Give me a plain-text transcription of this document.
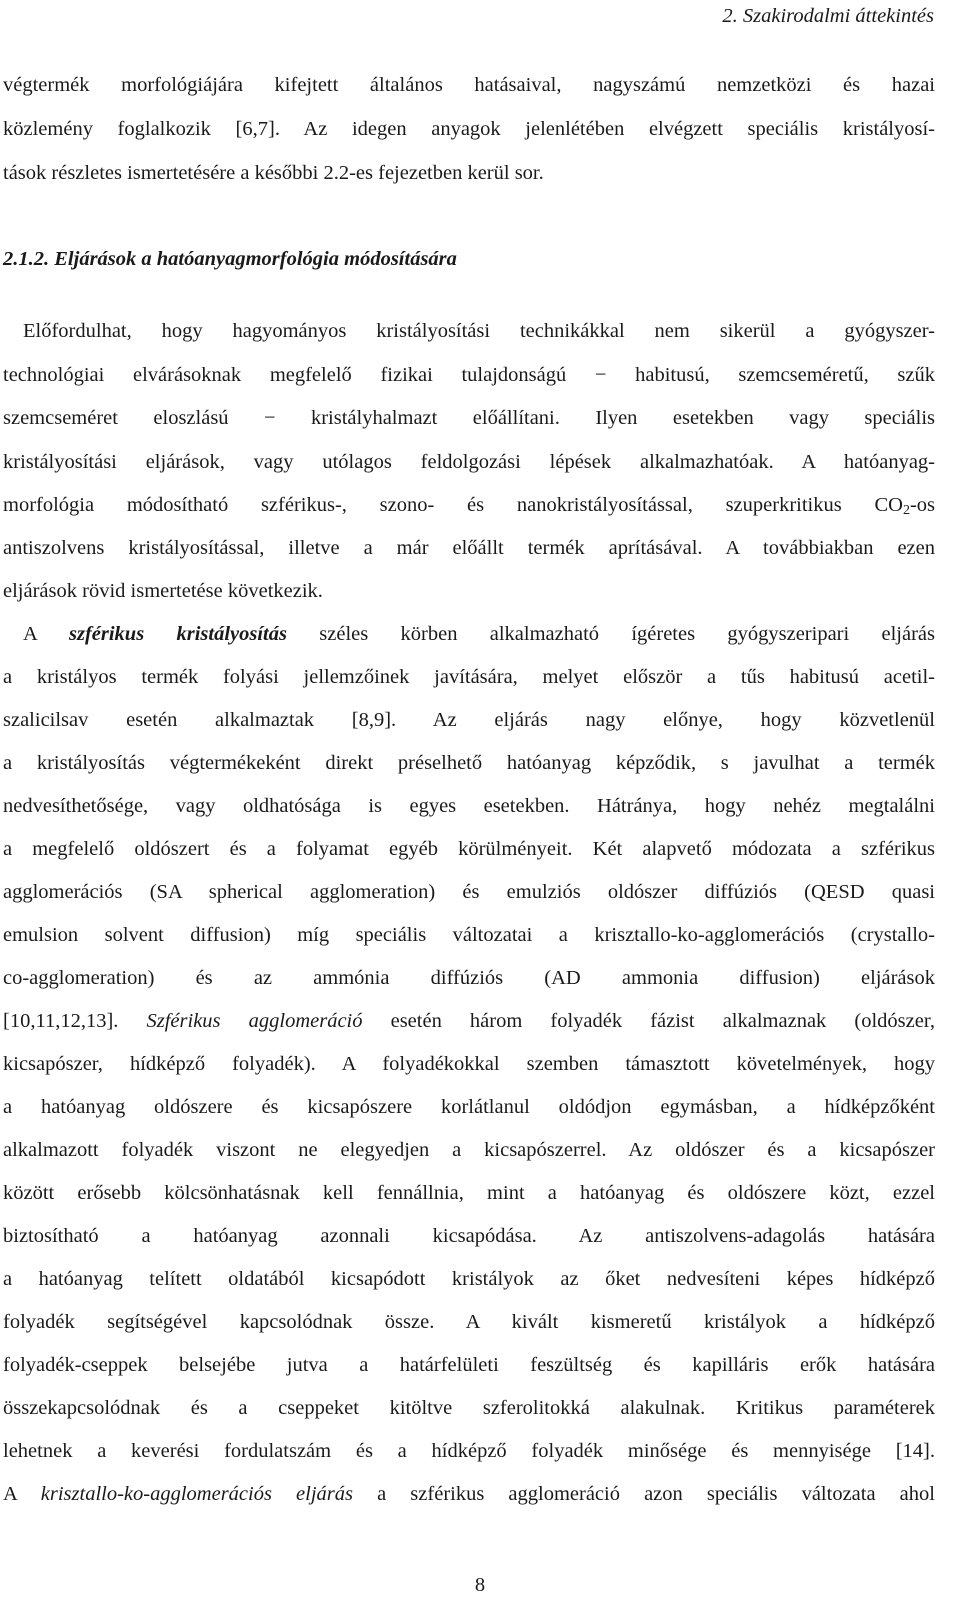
2. Szakirodalmi áttekintés
végtermék morfológiájára kifejtett általános hatásaival, nagyszámú nemzetközi és hazai
közlemény foglalkozik [6,7]. Az idegen anyagok jelenlétében elvégzett speciális kristályosí-
tások részletes ismertetésére a későbbi 2.2-es fejezetben kerül sor.
2.1.2. Eljárások a hatóanyagmorfológia módosítására
Előfordulhat, hogy hagyományos kristályosítási technikákkal nem sikerül a gyógyszer-
technológiai elvárásoknak megfelelő fizikai tulajdonságú − habitusú, szemcseméretű, szűk
szemcseméret eloszlású − kristályhalmazt előállítani. Ilyen esetekben vagy speciális
kristályosítási eljárások, vagy utólagos feldolgozási lépések alkalmazhatóak. A hatóanyag-
morfológia módosítható szférikus-, szono- és nanokristályosítással, szuperkritikus $CO_2-os$
antiszolvens kristályosítással, illetve a már előállt termék aprításával. A továbbiakban ezen
eljárások rövid ismertetése következik.
A szférikus kristályosítás széles körben alkalmazható ígéretes gyógyszeripari eljárás
a kristályos termék folyási jellemzőinek javítására, melyet először a tűs habitusú acetil-
szalicilsav esetén alkalmaztak [8,9]. Az eljárás nagy előnye, hogy közvetlenül
a kristályosítás végtermékeként direkt préselhető hatóanyag képződik, s javulhat a termék
nedvesíthetősége, vagy oldhatósága is egyes esetekben. Hátránya, hogy nehéz megtalálni
a megfelelő oldószert és a folyamat egyéb körülményeit. Két alapvető módozata a szférikus
agglomerációs (SA spherical agglomeration) és emulziós oldószer diffúziós (QESD quasi
emulsion solvent diffusion) míg speciális változatai a krisztallo-ko-agglomerációs (crystallo-
co-agglomeration) és az ammónia diffúziós (AD ammonia diffusion) eljárások
[10,11,12,13]. Szférikus agglomeráció esetén három folyadék fázist alkalmaznak (oldószer,
kicsapószer, hídképző folyadék). A folyadékokkal szemben támasztott követelmények, hogy
a hatóanyag oldószere és kicsapószere korlátlanul oldódjon egymásban, a hídképzőként
alkalmazott folyadék viszont ne elegyedjen a kicsapószerrel. Az oldószer és a kicsapószer
között erősebb kölcsönhatásnak kell fennállnia, mint a hatóanyag és oldószere közt, ezzel
biztosítható a hatóanyag azonnali kicsapódása. Az antiszolvens-adagolás hatására
a hatóanyag telített oldatából kicsapódott kristályok az őket nedvesíteni képes hídképző
folyadék segítségével kapcsolódnak össze. A kivált kismeretű kristályok a hídképző
folyadék-cseppek belsejébe jutva a határfelületi feszültség és kapilláris erők hatására
összekapcsolódnak és a cseppeket kitöltve szferolitokká alakulnak. Kritikus paraméterek
lehetnek a keverési fordulatszám és a hídképző folyadék minősége és mennyisége [14].
A krisztallo-ko-agglomerációs eljárás a szférikus agglomeráció azon speciális változata ahol
8
